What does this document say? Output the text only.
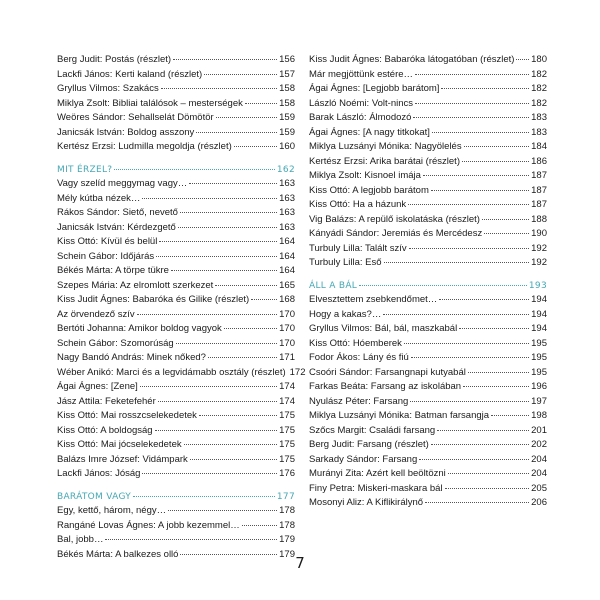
Berg Judit: Postás (részlet)	156
Lackfi János: Kerti kaland (részlet)	157
Gryllus Vilmos: Szakács	158
Miklya Zsolt: Bibliai találósok – mesterségek	158
Weöres Sándor: Sehallselát Dömötör	159
Janicsák István: Boldog asszony	159
Kertész Erzsi: Ludmilla megoldja (részlet)	160
MIT ÉRZEL?	162
Vagy szelíd meggymag vagy…	163
Mély kútba nézek…	163
Rákos Sándor: Siető, nevető	163
Janicsák István: Kérdezgető	163
Kiss Ottó: Kívül és belül	164
Schein Gábor: Időjárás	164
Békés Márta: A törpe tükre	164
Szepes Mária: Az elromlott szerkezet	165
Kiss Judit Ágnes: Babaróka és Gilike (részlet)	168
Az örvendező szív	170
Bertóti Johanna: Amikor boldog vagyok	170
Schein Gábor: Szomorúság	170
Nagy Bandó András: Minek nőked?	171
Wéber Anikó: Marci és a legvidámabb osztály (részlet) 172
Ágai Ágnes: [Zene]	174
Jász Attila: Feketefehér	174
Kiss Ottó: Mai rosszcselekedetek	175
Kiss Ottó: A boldogság	175
Kiss Ottó: Mai jócselekedetek	175
Balázs Imre József: Vidámpark	175
Lackfi János: Jóság	176
BARÁTOM VAGY	177
Egy, kettő, három, négy…	178
Rangáné Lovas Ágnes: A jobb kezemmel…	178
Bal, jobb…	179
Békés Márta: A balkezes olló	179
Kiss Judit Ágnes: Babaróka látogatóban (részlet) 180
Már megjöttünk estére…	182
Ágai Ágnes: [Legjobb barátom]	182
László Noémi: Volt-nincs	182
Barak László: Álmodozó	183
Ágai Ágnes: [A nagy titkokat]	183
Miklya Luzsányi Mónika: Nagyölelés	184
Kertész Erzsi: Arika barátai (részlet)	186
Miklya Zsolt: Kisnoel imája	187
Kiss Ottó: A legjobb barátom	187
Kiss Ottó: Ha a házunk	187
Vig Balázs: A repülő iskolatáska (részlet)	188
Kányádi Sándor: Jeremiás és Mercédesz	190
Turbuly Lilla: Talált szív	192
Turbuly Lilla: Eső	192
ÁLL A BÁL	193
Elvesztettem zsebkendőmet…	194
Hogy a kakas?…	194
Gryllus Vilmos: Bál, bál, maszkabál	194
Kiss Ottó: Hóemberek	195
Fodor Ákos: Lány és fiú	195
Csoóri Sándor: Farsangnapi kutyabál	195
Farkas Beáta: Farsang az iskolában	196
Nyulász Péter: Farsang	197
Miklya Luzsányi Mónika: Batman farsangja	198
Szőcs Margit: Családi farsang	201
Berg Judit: Farsang (részlet)	202
Sarkady Sándor: Farsang	204
Murányi Zita: Azért kell beöltözni	204
Finy Petra: Miskeri-maskara bál	205
Mosonyi Aliz: A Kiflikirálynő	206
7
